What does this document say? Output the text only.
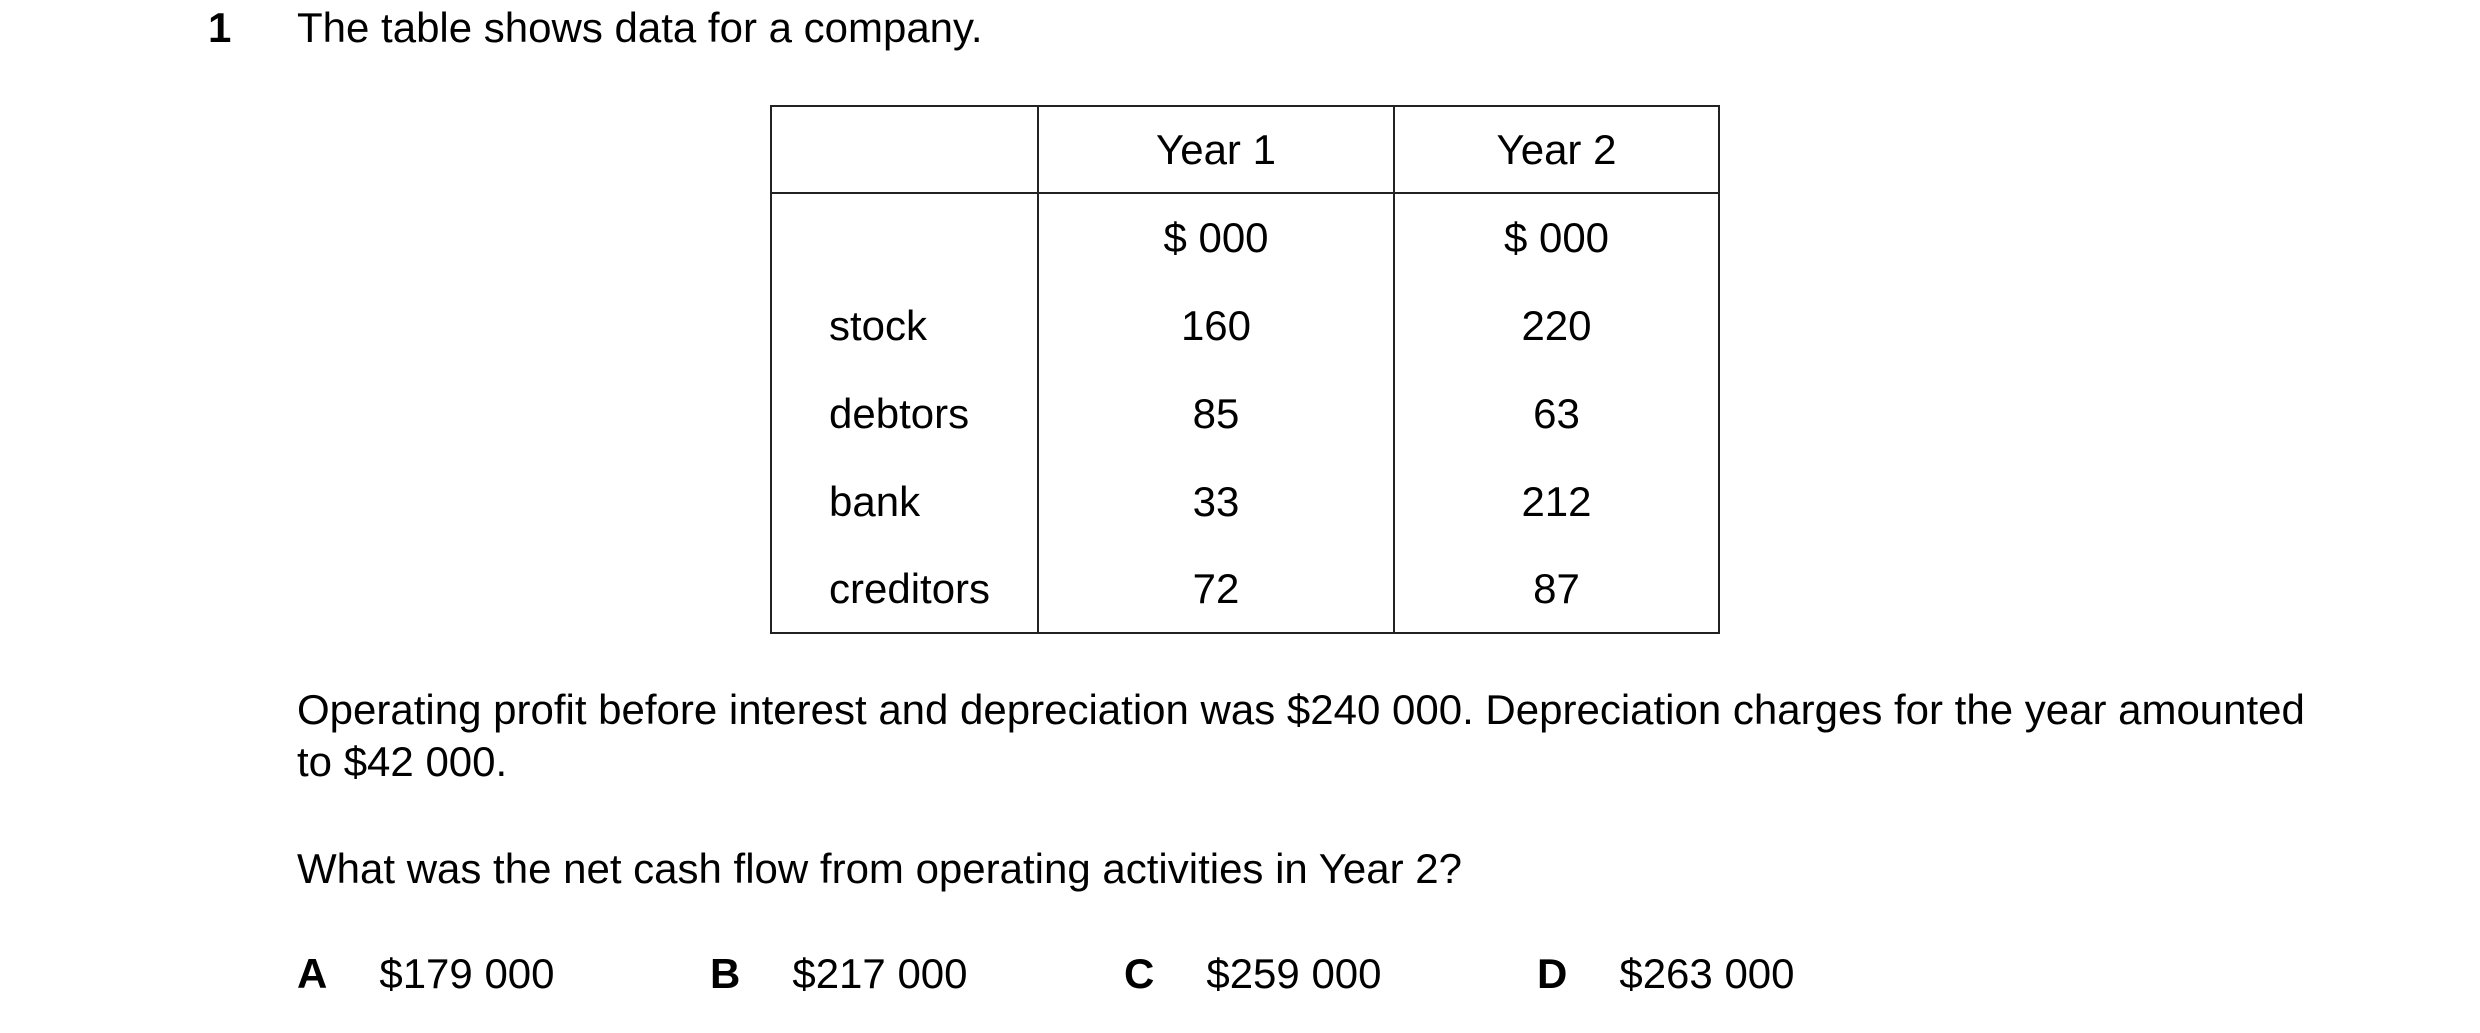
1 The table shows data for a company.
	Year 1	Year 2
	$ 000	$ 000
stock	160	220
debtors	85	63
bank	33	212
creditors	72	87
Operating profit before interest and depreciation was $240 000. Depreciation charges for the year amounted to $42 000.
What was the net cash flow from operating activities in Year 2?
A $179 000	B $217 000	C $259 000	D $263 000
